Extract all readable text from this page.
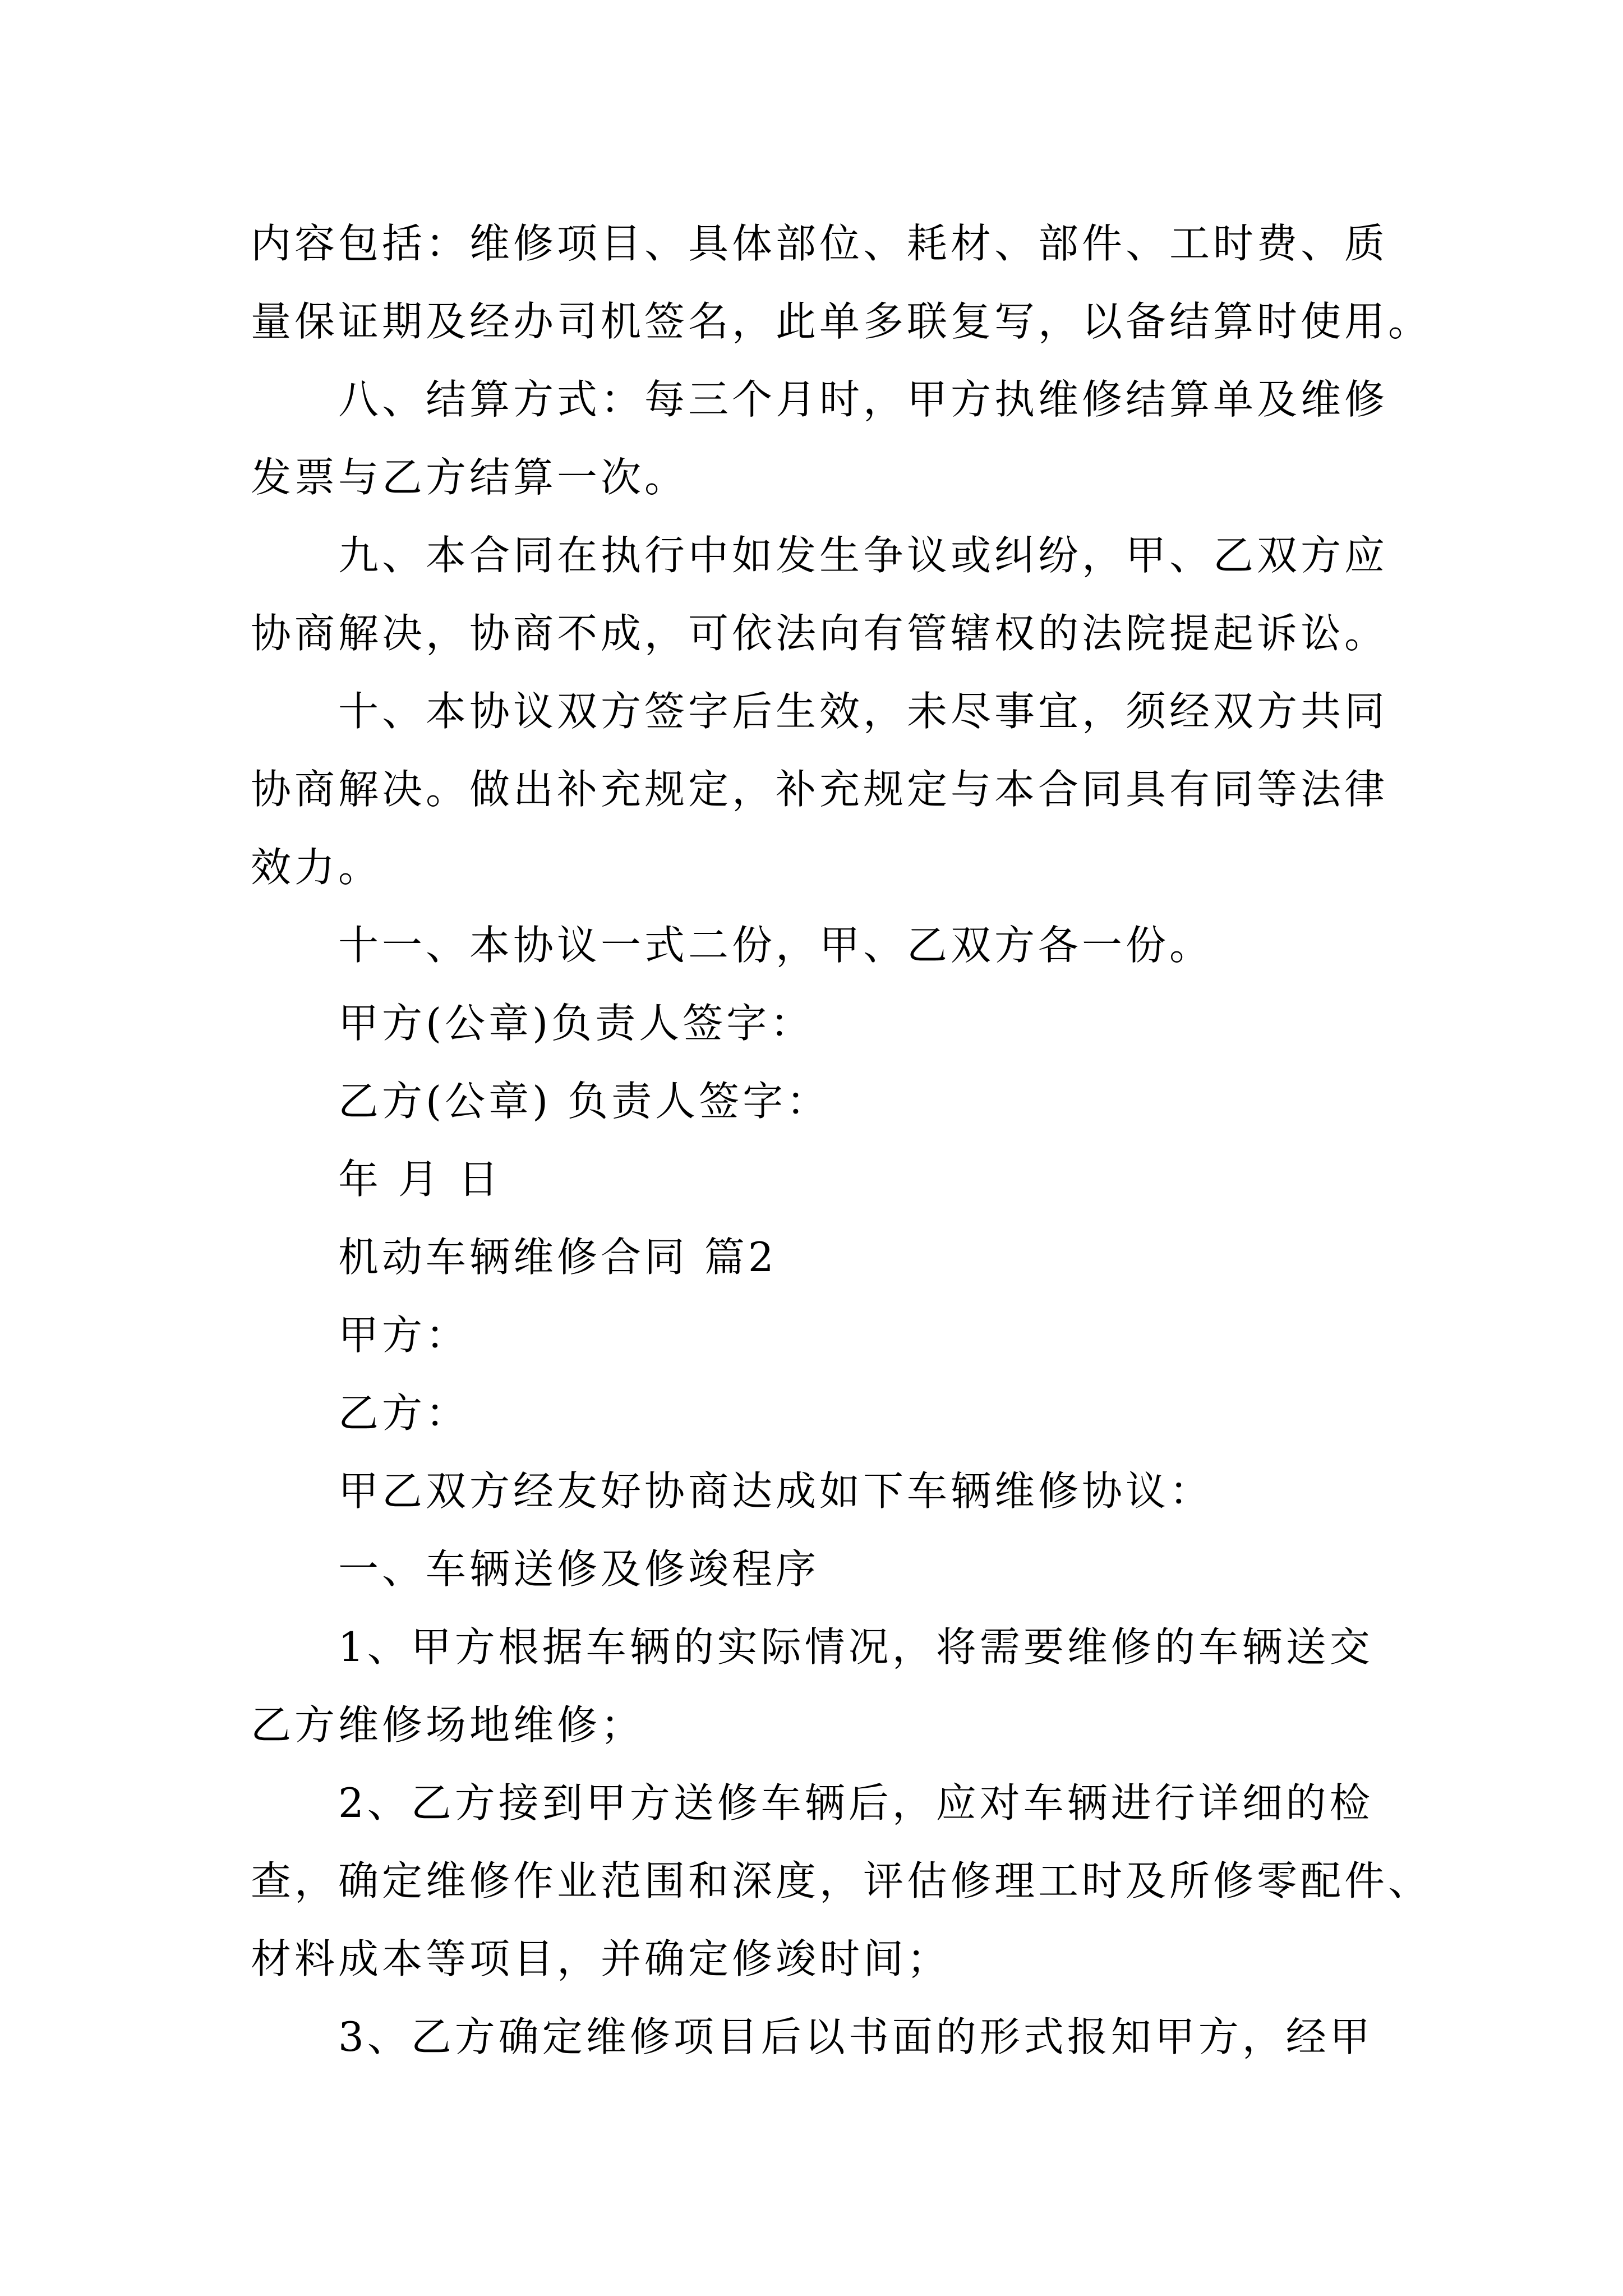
内容包括：维修项目、具体部位、耗材、部件、工时费、质
量保证期及经办司机签名，此单多联复写，以备结算时使用。
八、结算方式：每三个月时，甲方执维修结算单及维修
发票与乙方结算一次。
九、本合同在执行中如发生争议或纠纷，甲、乙双方应
协商解决，协商不成，可依法向有管辖权的法院提起诉讼。
十、本协议双方签字后生效，未尽事宜，须经双方共同
协商解决。做出补充规定，补充规定与本合同具有同等法律
效力。
十一、本协议一式二份，甲、乙双方各一份。
甲方(公章)负责人签字：
乙方(公章) 负责人签字：
年 月 日
机动车辆维修合同 篇2
甲方：
乙方：
甲乙双方经友好协商达成如下车辆维修协议：
一、车辆送修及修竣程序
1、甲方根据车辆的实际情况，将需要维修的车辆送交
乙方维修场地维修；
2、乙方接到甲方送修车辆后，应对车辆进行详细的检
查，确定维修作业范围和深度，评估修理工时及所修零配件、
材料成本等项目，并确定修竣时间；
3、乙方确定维修项目后以书面的形式报知甲方，经甲
